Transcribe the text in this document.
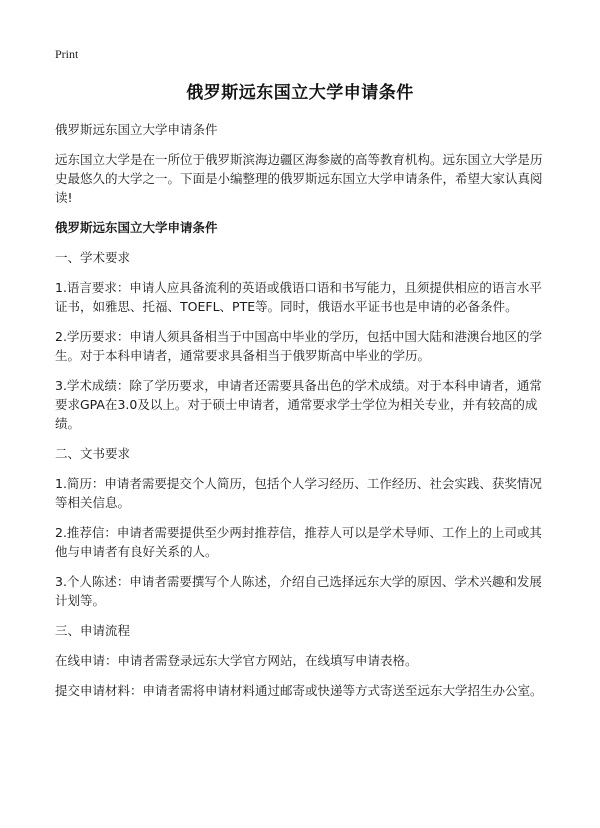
Print
俄罗斯远东国立大学申请条件

俄罗斯远东国立大学申请条件

远东国立大学是在一所位于俄罗斯滨海边疆区海参崴的高等教育机构。远东国立大学是历史最悠久的大学之一。下面是小编整理的俄罗斯远东国立大学申请条件，希望大家认真阅读!

俄罗斯远东国立大学申请条件

一、学术要求

1.语言要求：申请人应具备流利的英语或俄语口语和书写能力，且须提供相应的语言水平证书，如雅思、托福、TOEFL、PTE等。同时，俄语水平证书也是申请的必备条件。

2.学历要求：申请人须具备相当于中国高中毕业的学历，包括中国大陆和港澳台地区的学生。对于本科申请者，通常要求具备相当于俄罗斯高中毕业的学历。

3.学术成绩：除了学历要求，申请者还需要具备出色的学术成绩。对于本科申请者，通常要求GPA在3.0及以上。对于硕士申请者，通常要求学士学位为相关专业，并有较高的成绩。

二、文书要求

1.简历：申请者需要提交个人简历，包括个人学习经历、工作经历、社会实践、获奖情况等相关信息。

2.推荐信：申请者需要提供至少两封推荐信，推荐人可以是学术导师、工作上的上司或其他与申请者有良好关系的人。

3.个人陈述：申请者需要撰写个人陈述，介绍自己选择远东大学的原因、学术兴趣和发展计划等。

三、申请流程

在线申请：申请者需登录远东大学官方网站，在线填写申请表格。

提交申请材料：申请者需将申请材料通过邮寄或快递等方式寄送至远东大学招生办公室。
